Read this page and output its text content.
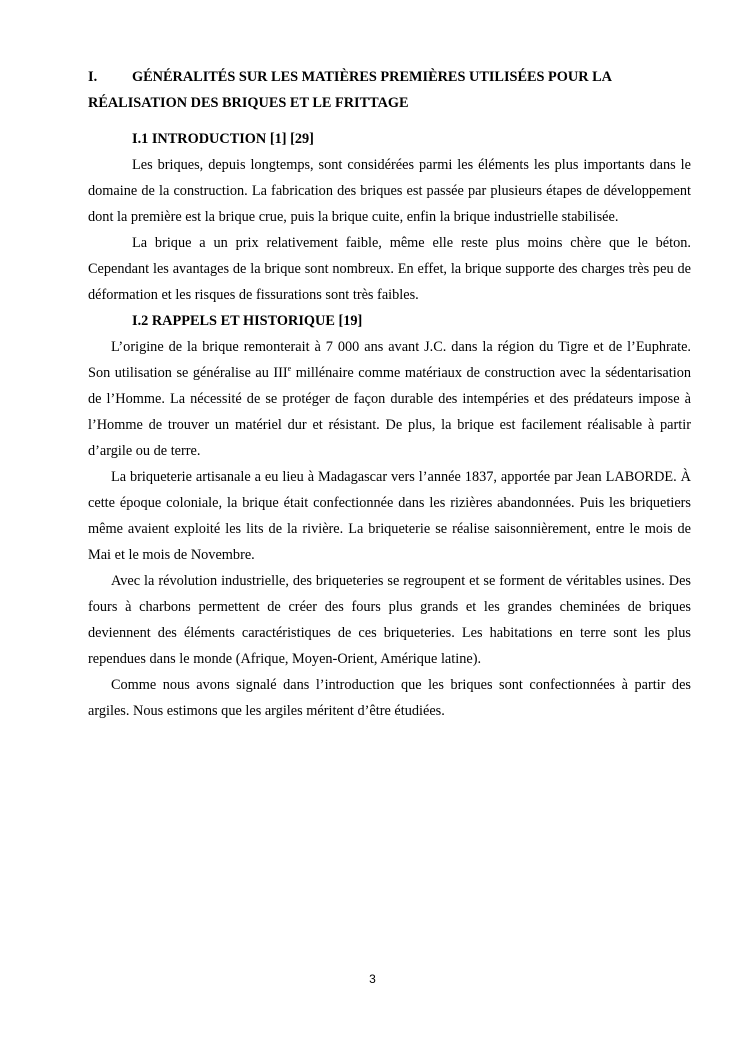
I.	GÉNÉRALITÉS SUR LES MATIÈRES PREMIÈRES UTILISÉES POUR LA
RÉALISATION DES BRIQUES ET LE FRITTAGE
I.1 INTRODUCTION [1] [29]

Les briques, depuis longtemps, sont considérées parmi les éléments les plus importants dans le domaine de la construction. La fabrication des briques est passée par plusieurs étapes de développement dont la première est la brique crue, puis la brique cuite, enfin la brique industrielle stabilisée.

La brique a un prix relativement faible, même elle reste plus moins chère que le béton. Cependant les avantages de la brique sont nombreux. En effet, la brique supporte des charges très peu de déformation et les risques de fissurations sont très faibles.

I.2 RAPPELS ET HISTORIQUE [19]

L’origine de la brique remonterait à 7 000 ans avant J.C. dans la région du Tigre et de l’Euphrate. Son utilisation se généralise au IIIe millénaire comme matériaux de construction avec la sédentarisation de l’Homme. La nécessité de se protéger de façon durable des intempéries et des prédateurs impose à l’Homme de trouver un matériel dur et résistant. De plus, la brique est facilement réalisable à partir d’argile ou de terre.

La briqueterie artisanale a eu lieu à Madagascar vers l’année 1837, apportée par Jean LABORDE. À cette époque coloniale, la brique était confectionnée dans les rizières abandonnées. Puis les briquetiers même avaient exploité les lits de la rivière. La briqueterie se réalise saisonnièrement, entre le mois de Mai et le mois de Novembre.

Avec la révolution industrielle, des briqueteries se regroupent et se forment de véritables usines. Des fours à charbons permettent de créer des fours plus grands et les grandes cheminées de briques deviennent des éléments caractéristiques de ces briqueteries. Les habitations en terre sont les plus rependues dans le monde (Afrique, Moyen-Orient, Amérique latine).

Comme nous avons signalé dans l’introduction que les briques sont confectionnées à partir des argiles. Nous estimons que les argiles méritent d’être étudiées.

3
